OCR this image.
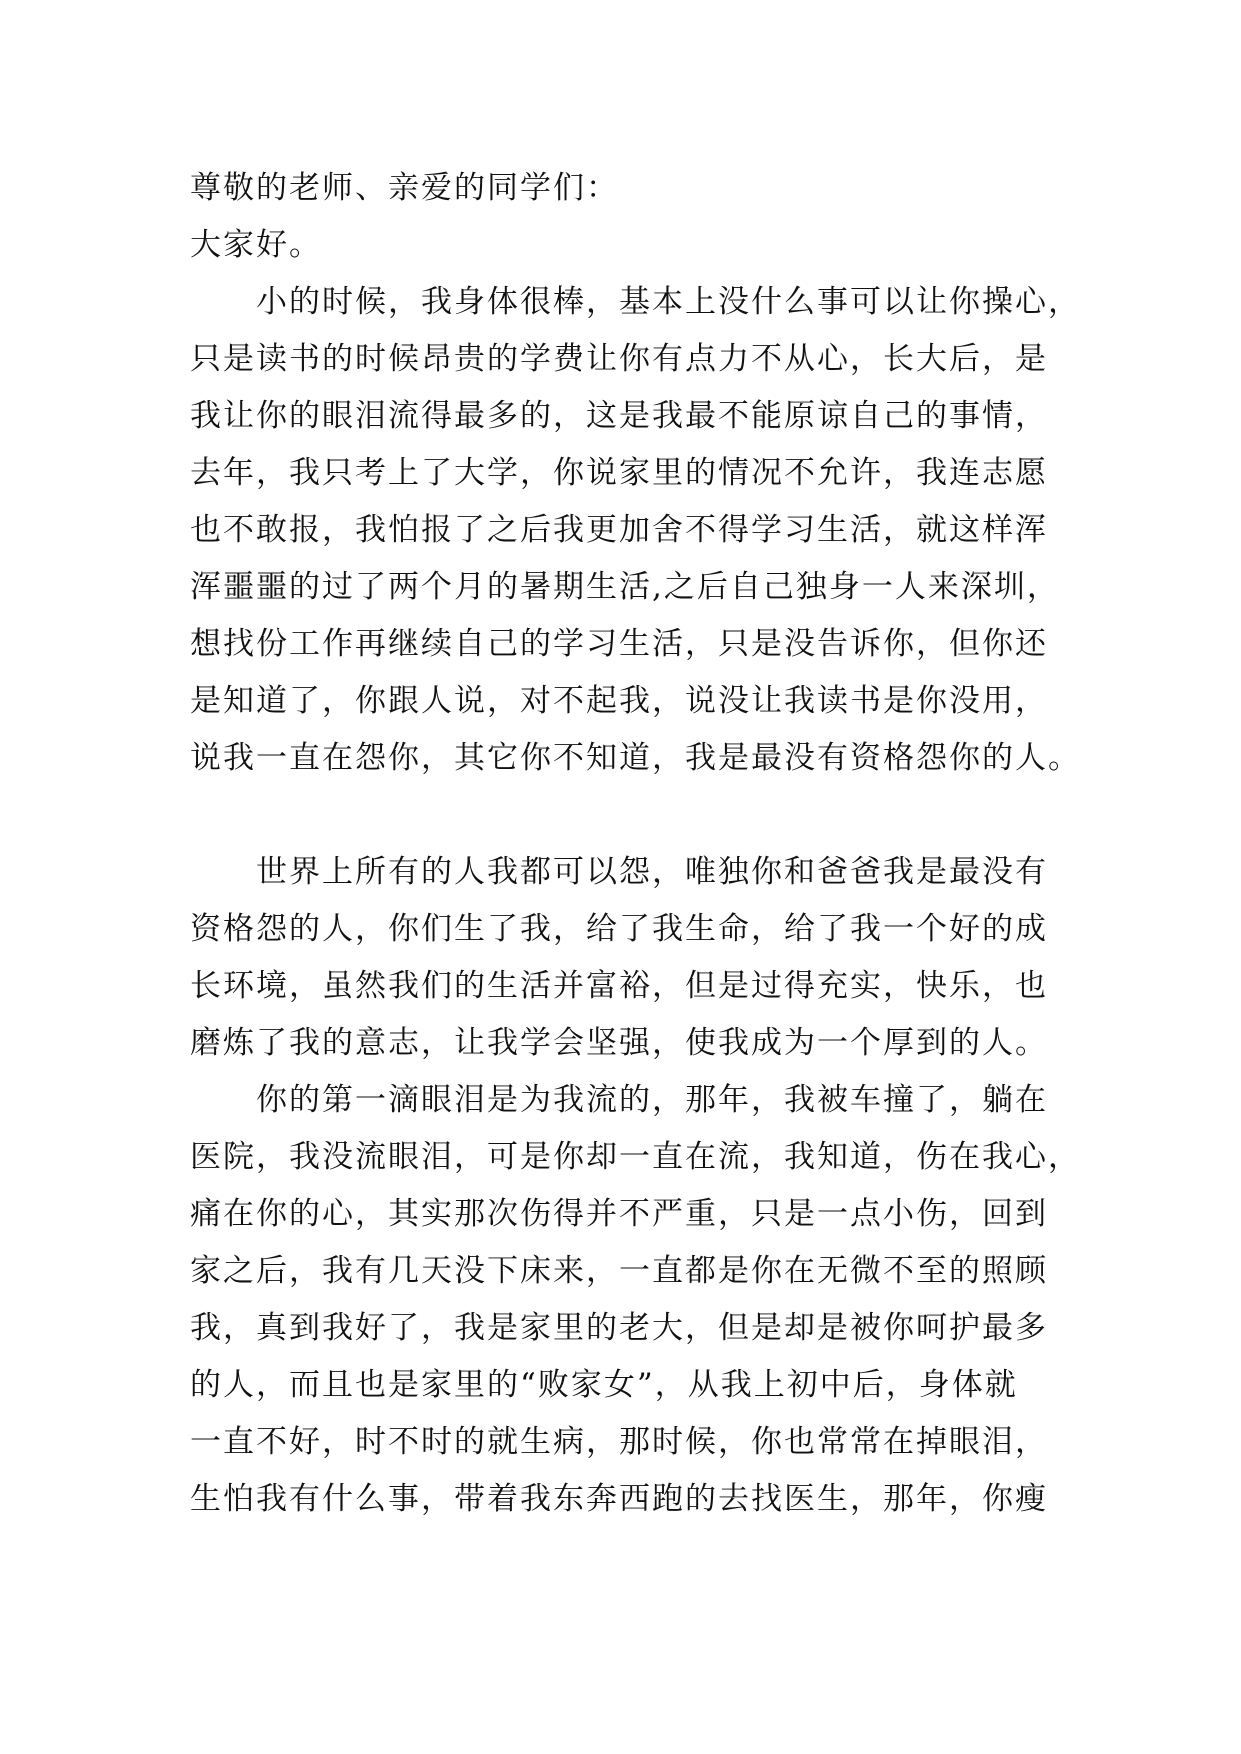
尊敬的老师、亲爱的同学们：
大家好。
小的时候，我身体很棒，基本上没什么事可以让你操心，
只是读书的时候昂贵的学费让你有点力不从心，长大后，是
我让你的眼泪流得最多的，这是我最不能原谅自己的事情，
去年，我只考上了大学，你说家里的情况不允许，我连志愿
也不敢报，我怕报了之后我更加舍不得学习生活，就这样浑
浑噩噩的过了两个月的暑期生活,之后自己独身一人来深圳，
想找份工作再继续自己的学习生活，只是没告诉你，但你还
是知道了，你跟人说，对不起我，说没让我读书是你没用，
说我一直在怨你，其它你不知道，我是最没有资格怨你的人。
世界上所有的人我都可以怨，唯独你和爸爸我是最没有
资格怨的人，你们生了我，给了我生命，给了我一个好的成
长环境，虽然我们的生活并富裕，但是过得充实，快乐，也
磨炼了我的意志，让我学会坚强，使我成为一个厚到的人。
你的第一滴眼泪是为我流的，那年，我被车撞了，躺在
医院，我没流眼泪，可是你却一直在流，我知道，伤在我心，
痛在你的心，其实那次伤得并不严重，只是一点小伤，回到
家之后，我有几天没下床来，一直都是你在无微不至的照顾
我，真到我好了，我是家里的老大，但是却是被你呵护最多
的人，而且也是家里的“败家女”，从我上初中后，身体就
一直不好，时不时的就生病，那时候，你也常常在掉眼泪，
生怕我有什么事，带着我东奔西跑的去找医生，那年，你瘦
